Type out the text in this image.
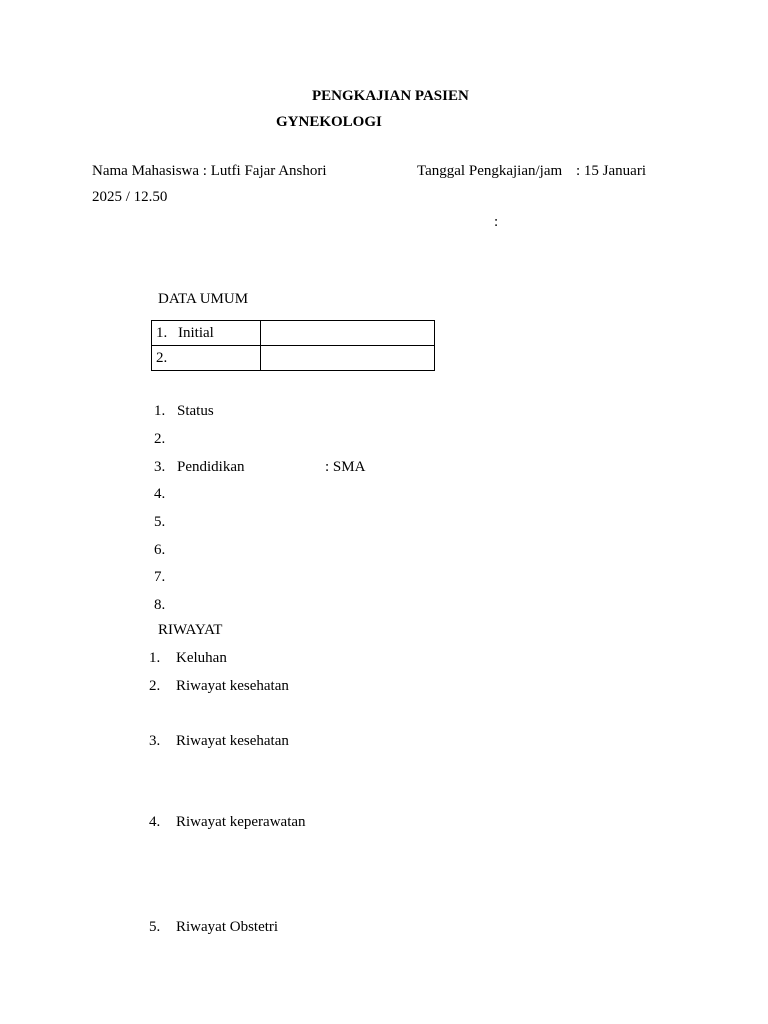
PENGKAJIAN PASIEN
GYNEKOLOGI
Nama Mahasiswa : Lutfi Fajar Anshori	Tanggal Pengkajian/jam : 15 Januari
2025 / 12.50
:
DATA UMUM
1. Initial	
2.	
1. Status
2.
3. Pendidikan	: SMA
4.
5.
6.
7.
8.
RIWAYAT
1. Keluhan
2. Riwayat kesehatan
3. Riwayat kesehatan
4. Riwayat keperawatan
5. Riwayat Obstetri
